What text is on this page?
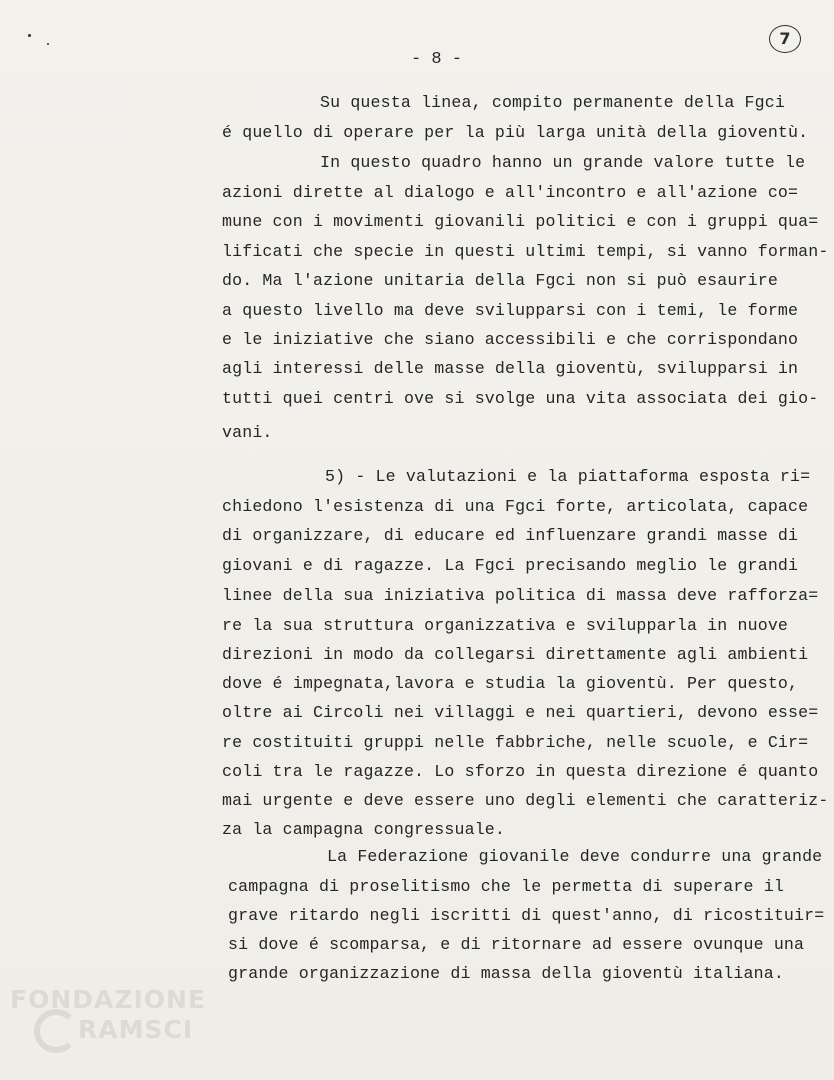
7
- 8 -
Su questa linea, compito permanente della Fgci
é quello di operare per la più larga unità della gioventù.
In questo quadro hanno un grande valore tutte le
azioni dirette al dialogo e all'incontro e all'azione co=
mune con i movimenti giovanili politici e con i gruppi qua=
lificati che specie in questi ultimi tempi, si vanno forman-
do. Ma l'azione unitaria della Fgci non si può esaurire
a questo livello ma deve svilupparsi con i temi, le forme
e le iniziative che siano accessibili e che corrispondano
agli interessi delle masse della gioventù, svilupparsi in
tutti quei centri ove si svolge una vita associata dei gio-
vani.
5) - Le valutazioni e la piattaforma esposta ri=
chiedono l'esistenza di una Fgci forte, articolata, capace
di organizzare, di educare ed influenzare grandi masse di
giovani e di ragazze. La Fgci precisando meglio le grandi
linee della sua iniziativa politica di massa deve rafforza=
re la sua struttura organizzativa e svilupparla in nuove
direzioni in modo da collegarsi direttamente agli ambienti
dove é impegnata,lavora e studia la gioventù. Per questo,
oltre ai Circoli nei villaggi e nei quartieri, devono esse=
re costituiti gruppi nelle fabbriche, nelle scuole, e Cir=
coli tra le ragazze. Lo sforzo in questa direzione é quanto
mai urgente e deve essere uno degli elementi che caratteriz-
za la campagna congressuale.
La Federazione giovanile deve condurre una grande
campagna di proselitismo che le permetta di superare il
grave ritardo negli iscritti di quest'anno, di ricostituir=
si dove é scomparsa, e di ritornare ad essere ovunque una
grande organizzazione di massa della gioventù italiana.
FONDAZIONE
RAMSCI
